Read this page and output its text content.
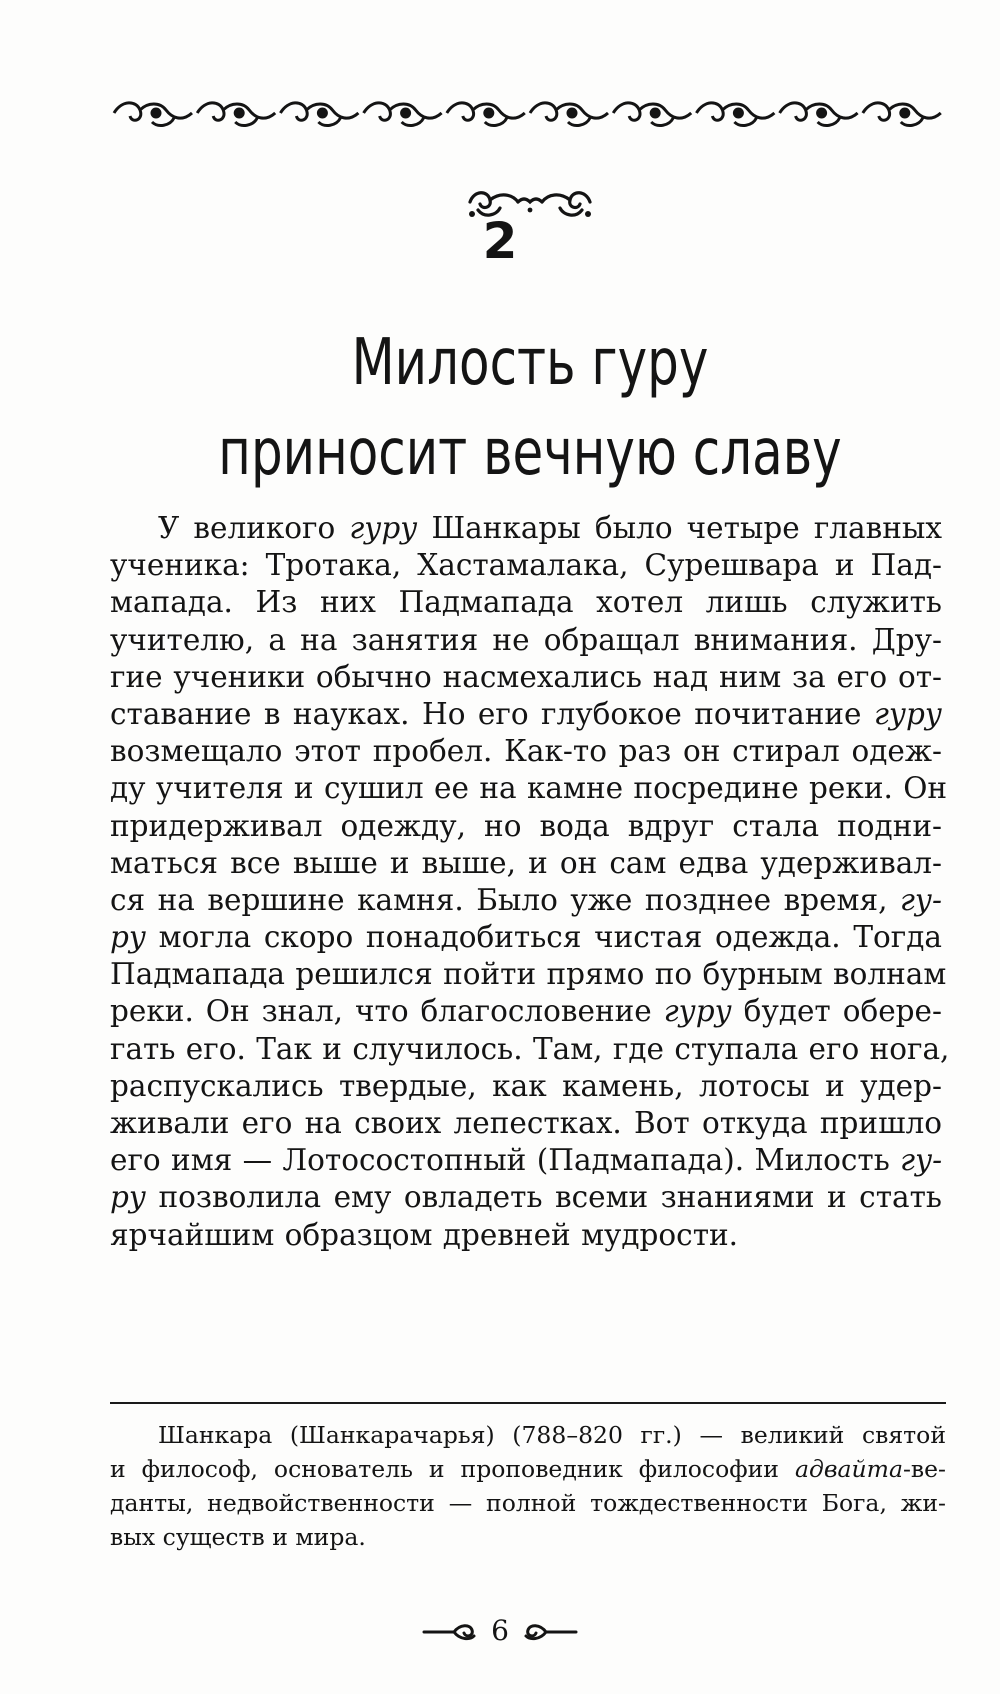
2
Милость гуру
приносит вечную славу
У великого гуру Шанкары было четыре главных
ученика: Тротака, Хастамалака, Сурешвара и Пад-
мапада. Из них Падмапада хотел лишь служить
учителю, а на занятия не обращал внимания. Дру-
гие ученики обычно насмехались над ним за его от-
ставание в науках. Но его глубокое почитание гуру
возмещало этот пробел. Как-то раз он стирал одеж-
ду учителя и сушил ее на камне посредине реки. Он
придерживал одежду, но вода вдруг стала подни-
маться все выше и выше, и он сам едва удерживал-
ся на вершине камня. Было уже позднее время, гу-
ру могла скоро понадобиться чистая одежда. Тогда
Падмапада решился пойти прямо по бурным волнам
реки. Он знал, что благословение гуру будет обере-
гать его. Так и случилось. Там, где ступала его нога,
распускались твердые, как камень, лотосы и удер-
живали его на своих лепестках. Вот откуда пришло
его имя — Лотосостопный (Падмапада). Милость гу-
ру позволила ему овладеть всеми знаниями и стать
ярчайшим образцом древней мудрости.
Шанкара (Шанкарачарья) (788–820 гг.) — великий святой
и философ, основатель и проповедник философии адвайта-ве-
данты, недвойственности — полной тождественности Бога, жи-
вых существ и мира.
6
